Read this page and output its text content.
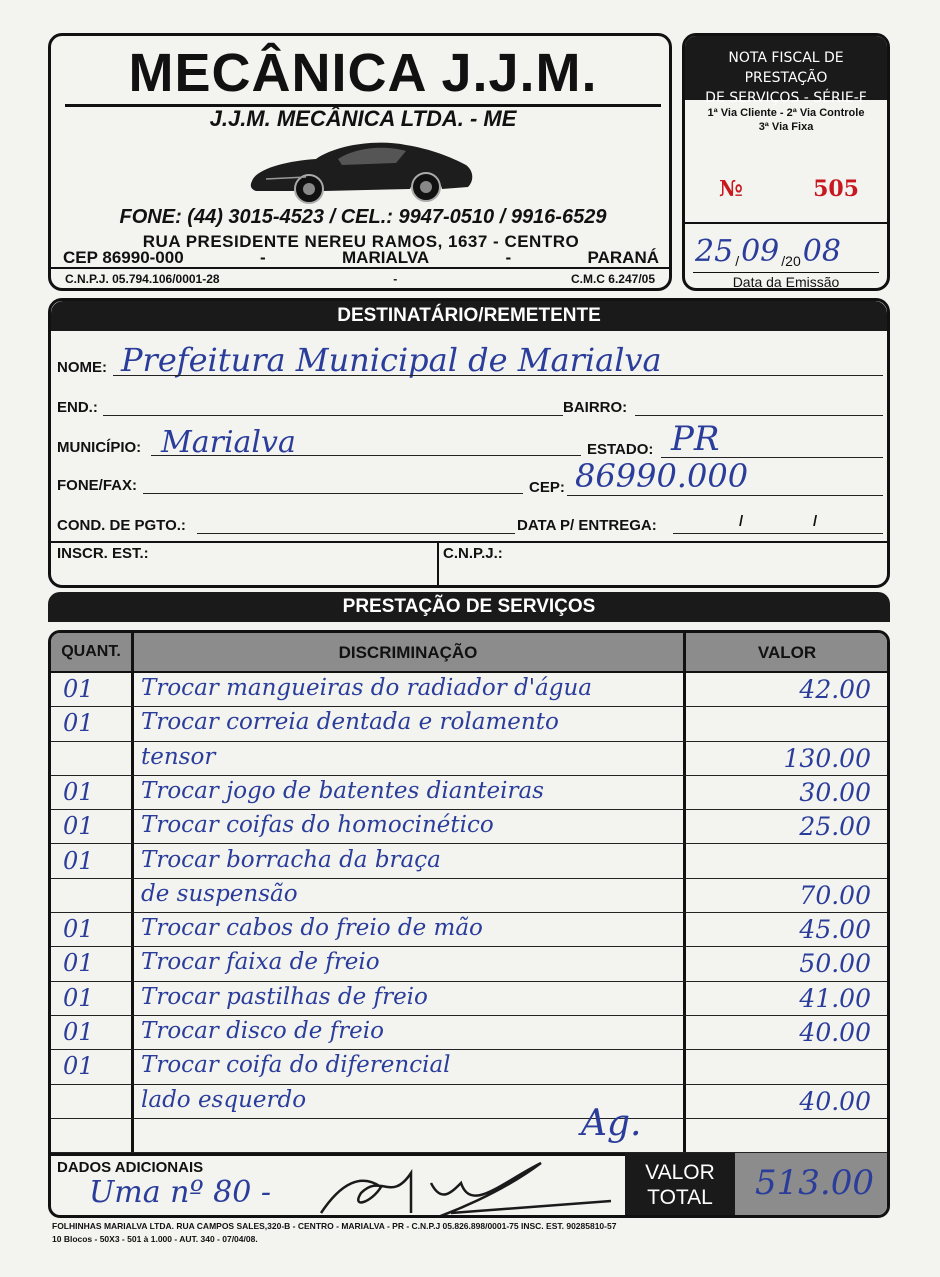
MECÂNICA J.J.M.
J.J.M. MECÂNICA LTDA. - ME
FONE: (44) 3015-4523 / CEL.: 9947-0510 / 9916-6529
RUA PRESIDENTE NEREU RAMOS, 1637 - CENTRO
CEP 86990-000	-	MARIALVA	-	PARANÁ
C.N.P.J. 05.794.106/0001-28	-	C.M.C 6.247/05
NOTA FISCAL DE PRESTAÇÃO
DE SERVIÇOS - SÉRIE-F
1ª Via Cliente - 2ª Via Controle
3ª Via Fixa
№	505
25 / 09 /20 08
Data da Emissão
DESTINATÁRIO/REMETENTE
NOME: Prefeitura Municipal de Marialva
END.:	BAIRRO:
MUNICÍPIO: Marialva	ESTADO: PR
FONE/FAX:	CEP: 86990.000
COND. DE PGTO.:	DATA P/ ENTREGA:	/	/
INSCR. EST.:	C.N.P.J.:
PRESTAÇÃO DE SERVIÇOS
QUANT.	DISCRIMINAÇÃO	VALOR
01	Trocar mangueiras do radiador d'água	42.00
01	Trocar correia dentada e rolamento
tensor	130.00
01	Trocar jogo de batentes dianteiras	30.00
01	Trocar coifas do homocinético	25.00
01	Trocar borracha da braça
de suspensão	70.00
01	Trocar cabos do freio de mão	45.00
01	Trocar faixa de freio	50.00
01	Trocar pastilhas de freio	41.00
01	Trocar disco de freio	40.00
01	Trocar coifa do diferencial
lado esquerdo	40.00
Ag.
DADOS ADICIONAIS
Uma nº 80 -
VALOR
TOTAL	513.00
FOLHINHAS MARIALVA LTDA. RUA CAMPOS SALES,320-B - CENTRO - MARIALVA - PR - C.N.P.J 05.826.898/0001-75 INSC. EST. 90285810-57
10 Blocos - 50X3 - 501 à 1.000 - AUT. 340 - 07/04/08.
